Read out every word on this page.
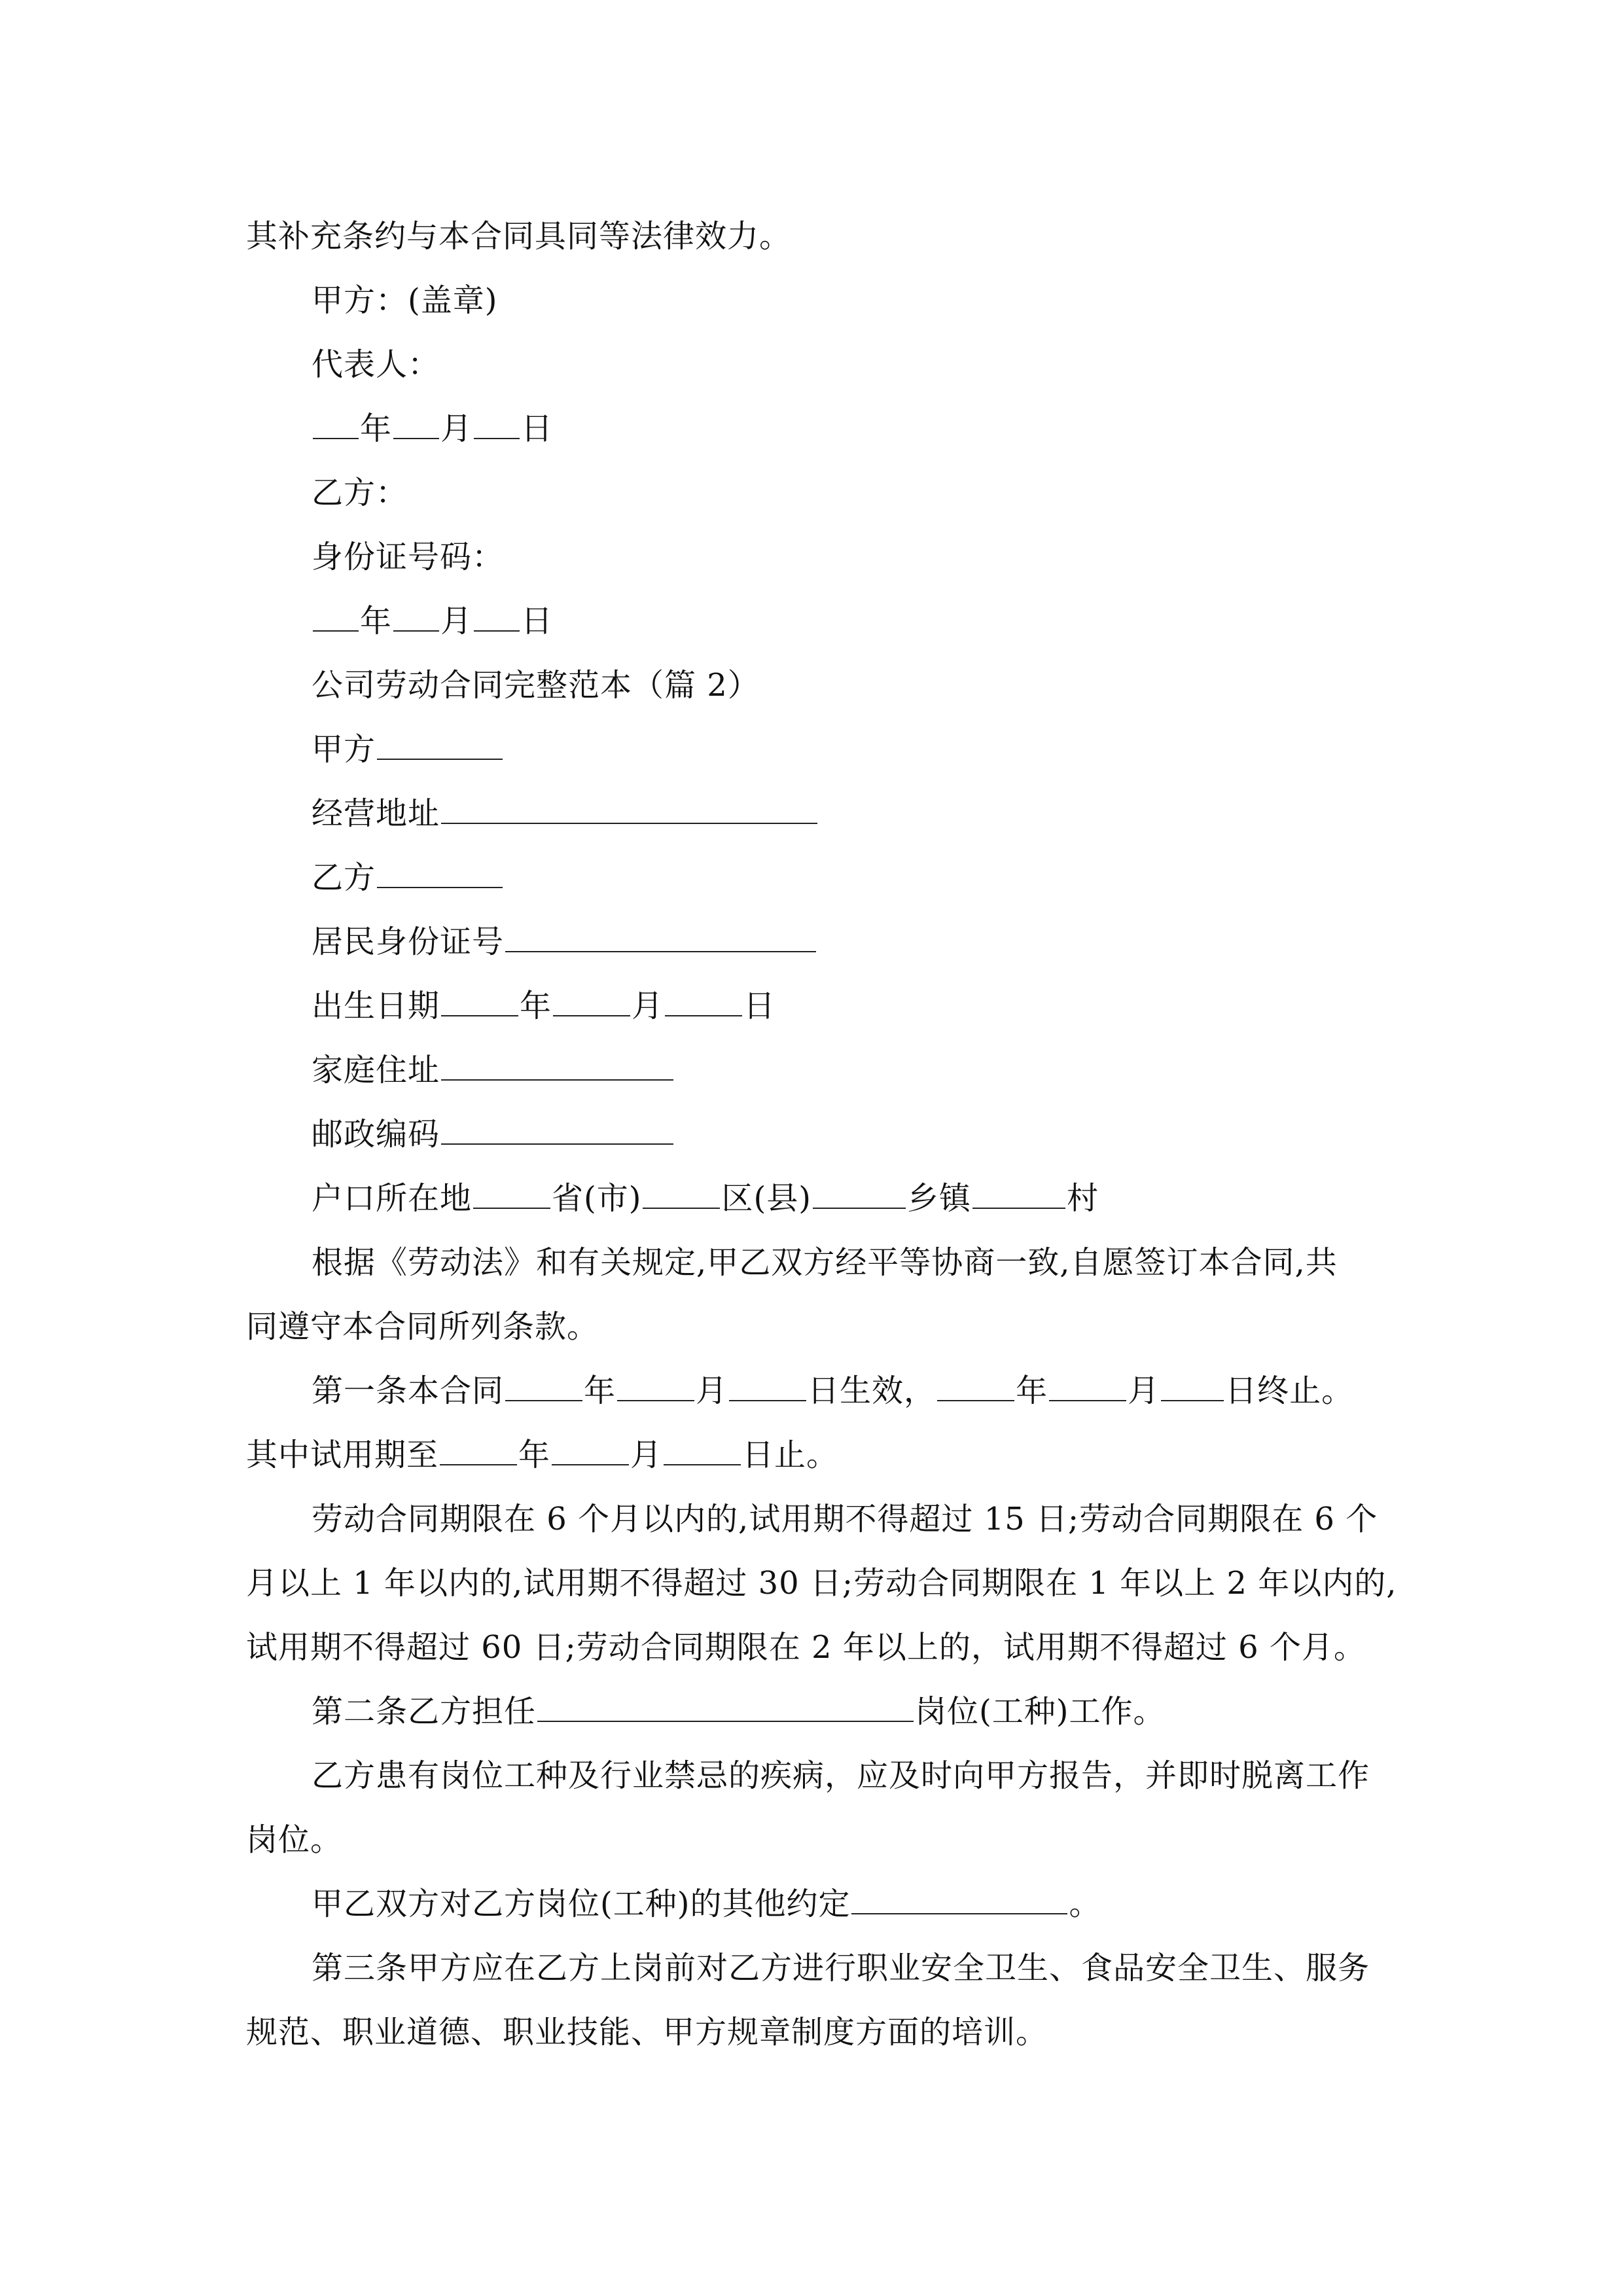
其补充条约与本合同具同等法律效力。
甲方：(盖章)
代表人：
年 月 日
乙方：
身份证号码：
年 月 日
公司劳动合同完整范本（篇 2）
甲方
经营地址
乙方
居民身份证号
出生日期	年	月	日
家庭住址
邮政编码
户口所在地	省(市)	区(县)	乡镇	村
根据《劳动法》和有关规定,甲乙双方经平等协商一致,自愿签订本合同,共
同遵守本合同所列条款。
第一条本合同	年	月	日生效，	年	月 日终止。
其中试用期至	年	月	日止。
劳动合同期限在 6 个月以内的,试用期不得超过 15 日;劳动合同期限在 6 个
月以上 1 年以内的,试用期不得超过 30 日;劳动合同期限在 1 年以上 2 年以内的,
试用期不得超过 60 日;劳动合同期限在 2 年以上的，试用期不得超过 6 个月。
第二条乙方担任	岗位(工种)工作。
乙方患有岗位工种及行业禁忌的疾病，应及时向甲方报告，并即时脱离工作
岗位。
甲乙双方对乙方岗位(工种)的其他约定	。
第三条甲方应在乙方上岗前对乙方进行职业安全卫生、食品安全卫生、服务
规范、职业道德、职业技能、甲方规章制度方面的培训。
